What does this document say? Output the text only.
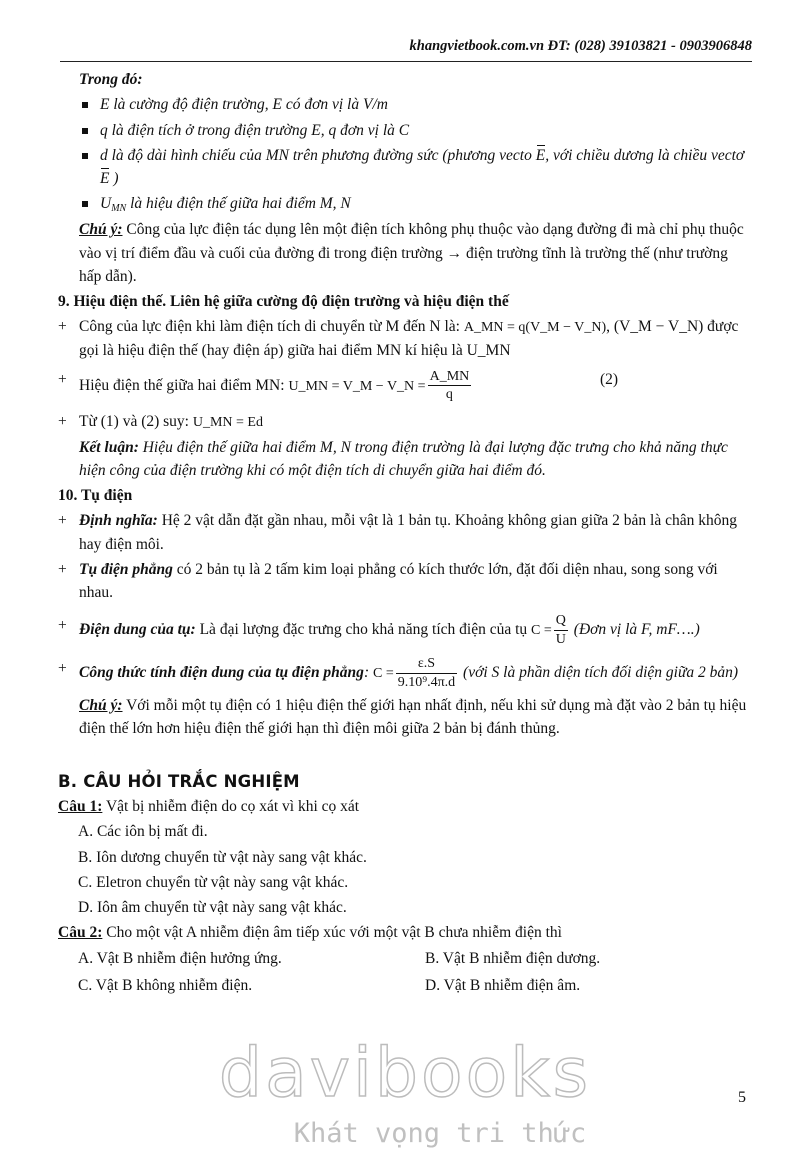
khangvietbook.com.vn ĐT: (028) 39103821 - 0903906848

Trong đó:

E là cường độ điện trường, E có đơn vị là V/m
q là điện tích ở trong điện trường E, q đơn vị là C
d là độ dài hình chiếu của MN trên phương đường sức (phương vecto E, với chiều dương là chiều vectơ E )
$U_{MN}$ là hiệu điện thế giữa hai điểm M, N

Chú ý: Công của lực điện tác dụng lên một điện tích không phụ thuộc vào dạng đường đi mà chỉ phụ thuộc vào vị trí điểm đầu và cuối của đường đi trong điện trường → điện trường tĩnh là trường thế (như trường hấp dẫn).

9. Hiệu điện thế. Liên hệ giữa cường độ điện trường và hiệu điện thế

+ Công của lực điện khi làm điện tích di chuyển từ M đến N là: A_MN = q(V_M − V_N), (V_M − V_N) được gọi là hiệu điện thế (hay điện áp) giữa hai điểm MN kí hiệu là U_MN

+ Hiệu điện thế giữa hai điểm MN: U_MN = V_M − V_N = $\frac{A\_MN}{q}$	(2)

+ Từ (1) và (2) suy: U_MN = Ed

Kết luận: Hiệu điện thế giữa hai điểm M, N trong điện trường là đại lượng đặc trưng cho khả năng thực hiện công của điện trường khi có một điện tích di chuyển giữa hai điểm đó.

10. Tụ điện

+ Định nghĩa: Hệ 2 vật dẫn đặt gần nhau, mỗi vật là 1 bản tụ. Khoảng không gian giữa 2 bản là chân không hay điện môi.

+ Tụ điện phẳng có 2 bản tụ là 2 tấm kim loại phẳng có kích thước lớn, đặt đối diện nhau, song song với nhau.

+ Điện dung của tụ: Là đại lượng đặc trưng cho khả năng tích điện của tụ $C = \frac{Q}{U}$ (Đơn vị là F, mF….)

+ Công thức tính điện dung của tụ điện phẳng: $C = \frac{\varepsilon.S}{\text{9.10⁹.4π.d}}$ (với S là phần diện tích đối diện giữa 2 bản)

Chú ý: Với mỗi một tụ điện có 1 hiệu điện thế giới hạn nhất định, nếu khi sử dụng mà đặt vào 2 bản tụ hiệu điện thế lớn hơn hiệu điện thế giới hạn thì điện môi giữa 2 bản bị đánh thủng.

B. CÂU HỎI TRẮC NGHIỆM

Câu 1: Vật bị nhiễm điện do cọ xát vì khi cọ xát

A. Các iôn bị mất đi.

B. Iôn dương chuyển từ vật này sang vật khác.

C. Eletron chuyển từ vật này sang vật khác.

D. Iôn âm chuyển từ vật này sang vật khác.

Câu 2: Cho một vật A nhiễm điện âm tiếp xúc với một vật B chưa nhiễm điện thì

A. Vật B nhiễm điện hưởng ứng.	B. Vật B nhiễm điện dương.
C. Vật B không nhiễm điện.	D. Vật B nhiễm điện âm.
davibooks
Khát vọng tri thức
5
